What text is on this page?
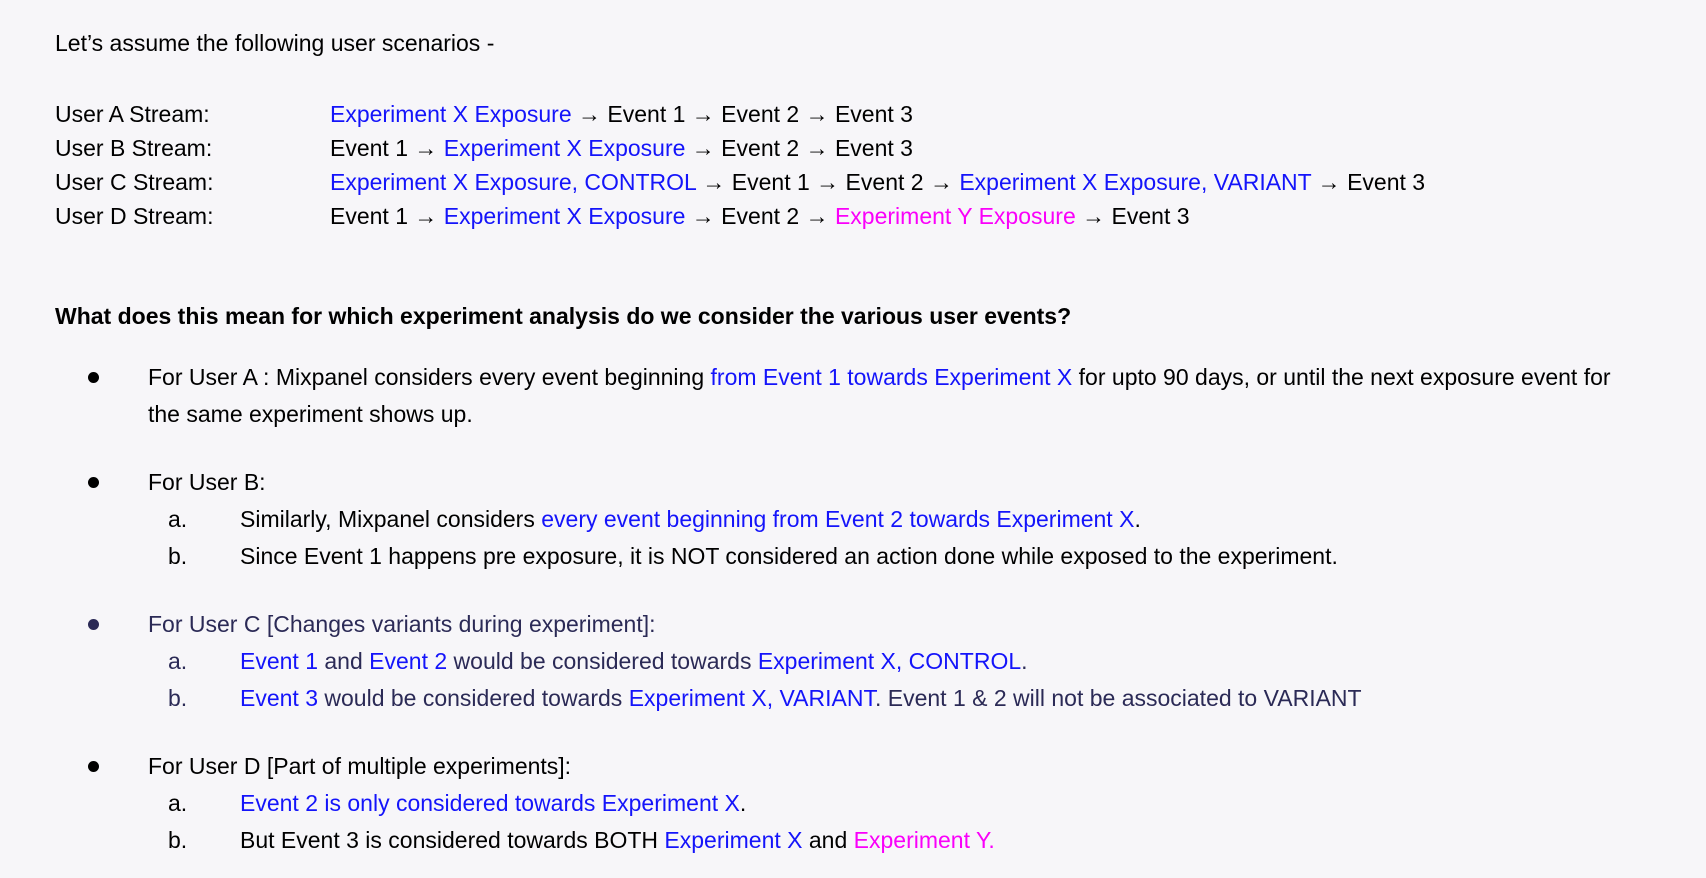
Let’s assume the following user scenarios -

User A Stream:	Experiment X Exposure → Event 1 → Event 2 → Event 3
User B Stream:	Event 1 → Experiment X Exposure → Event 2 → Event 3
User C Stream:	Experiment X Exposure, CONTROL → Event 1 → Event 2 → Experiment X Exposure, VARIANT → Event 3
User D Stream:	Event 1 → Experiment X Exposure → Event 2 → Experiment Y Exposure → Event 3

What does this mean for which experiment analysis do we consider the various user events?

For User A : Mixpanel considers every event beginning from Event 1 towards Experiment X for upto 90 days, or until the next exposure event for the same experiment shows up.
For User B:
a.	Similarly, Mixpanel considers every event beginning from Event 2 towards Experiment X.
b.	Since Event 1 happens pre exposure, it is NOT considered an action done while exposed to the experiment.
For User C [Changes variants during experiment]:
a.	Event 1 and Event 2 would be considered towards Experiment X, CONTROL.
b.	Event 3 would be considered towards Experiment X, VARIANT. Event 1 & 2 will not be associated to VARIANT
For User D [Part of multiple experiments]:
a.	Event 2 is only considered towards Experiment X.
b.	But Event 3 is considered towards BOTH Experiment X and Experiment Y.
